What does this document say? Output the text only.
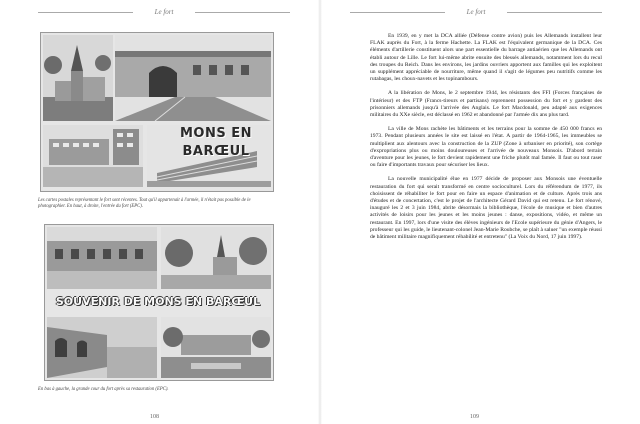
Le fort
MONS EN BARŒUL
Les cartes postales représentant le fort sont récentes. Tout qu'il appartenait à l'armée, il n'était pas possible de le photographier. En haut, à droite, l'entrée du fort (EPC).
SOUVENIR DE MONS EN BARŒUL
En bas à gauche, la grande cour du fort après sa restauration (EPC).
108
Le fort

En 1939, en y met la DCA alliée (Défense contre avion) puis les Allemands installent leur FLAK auprès du Fort, à la ferme Hachette. La FLAK est l'équivalent germanique de la DCA. Ces éléments d'artillerie constituent alors une part essentielle du barrage antiaérien que les Allemands ont établi autour de Lille. Le fort lui-même abrite ensuite des blessés allemands, notamment lors du recul des troupes du Reich. Dans les environs, les jardins ouvriers apportent aux familles qui les exploitent un supplément appréciable de nourriture, même quand il s'agit de légumes peu nutritifs comme les rutabagas, les choux-navets et les topinambours.

A la libération de Mons, le 2 septembre 1944, les résistants des FFI (Forces françaises de l'intérieur) et des FTP (Francs-tireurs et partisans) reprennent possession du fort et y gardent des prisonniers allemands jusqu'à l'arrivée des Anglais. Le fort Macdonald, peu adapté aux exigences militaires du XXe siècle, est déclassé en 1962 et abandonné par l'armée dix ans plus tard.

La ville de Mons rachète les bâtiments et les terrains pour la somme de 450 000 francs en 1973. Pendant plusieurs années le site est laissé en l'état. A partir de 1964-1965, les immeubles se multiplient aux alentours avec la construction de la ZUP (Zone à urbaniser en priorité), son cortège d'expropriations plus ou moins douloureuses et l'arrivée de nouveaux Monsois. D'abord terrain d'aventure pour les jeunes, le fort devient rapidement une friche plutôt mal famée. Il faut ou tout raser ou faire d'importants travaux pour sécuriser les lieux.

La nouvelle municipalité élue en 1977 décide de proposer aux Monsois une éventuelle restauration du fort qui serait transformé en centre socioculturel. Lors du référendum de 1977, ils choisissent de réhabiliter le fort pour en faire un espace d'animation et de culture. Après trois ans d'études et de concertation, c'est le projet de l'architecte Gérard David qui est retenu. Le fort rénové, inauguré les 2 et 3 juin 1984, abrite désormais la bibliothèque, l'école de musique et bien d'autres activités de loisirs pour les jeunes et les moins jeunes : danse, expositions, vidéo, et même un restaurant. En 1997, lors d'une visite des élèves ingénieurs de l'Ecole supérieure du génie d'Angers, le professeur qui les guide, le lieutenant-colonel Jean-Marie Roubche, se plaît à saluer "un exemple réussi de bâtiment militaire magnifiquement réhabilité et entretenu" (La Voix du Nord, 17 juin 1997).

109
